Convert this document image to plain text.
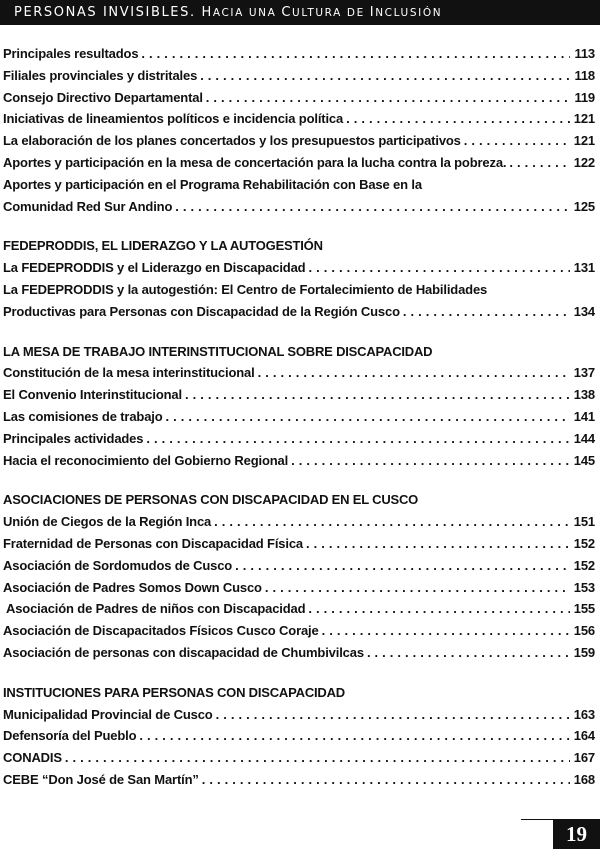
PERSONAS INVISIBLES. HACIA UNA CULTURA DE INCLUSIÓN
Principales resultados . . .	113
Filiales provinciales y distritales . . .	118
Consejo Directivo Departamental . . .	119
Iniciativas de lineamientos políticos e incidencia política . . .	121
La elaboración de los planes concertados y los presupuestos participativos . . .	121
Aportes y participación en la mesa de concertación para la lucha contra la pobreza. . . .	122
Aportes y participación en el Programa Rehabilitación con Base en la
Comunidad Red Sur Andino . . .	125
FEDEPRODDIS, EL LIDERAZGO Y LA AUTOGESTIÓN
La FEDEPRODDIS y el Liderazgo en Discapacidad . . .	131
La FEDEPRODDIS y la autogestión: El Centro de Fortalecimiento de Habilidades
Productivas para Personas con Discapacidad de la Región Cusco . . .	134
LA MESA DE TRABAJO INTERINSTITUCIONAL SOBRE DISCAPACIDAD
Constitución de la mesa interinstitucional . . .	137
El Convenio Interinstitucional . . .	138
Las comisiones de trabajo . . .	141
Principales actividades . . .	144
Hacia el reconocimiento del Gobierno Regional . . .	145
ASOCIACIONES DE PERSONAS CON DISCAPACIDAD EN EL CUSCO
Unión de Ciegos de la Región Inca . . .	151
Fraternidad de Personas con Discapacidad Física . . .	152
Asociación de Sordomudos de Cusco . . .	152
Asociación de Padres Somos Down Cusco . . .	153
Asociación de Padres de niños con Discapacidad . . .	155
Asociación de Discapacitados Físicos Cusco Coraje . . .	156
Asociación de personas con discapacidad de Chumbivilcas . . .	159
INSTITUCIONES PARA PERSONAS CON DISCAPACIDAD
Municipalidad Provincial de Cusco . . .	163
Defensoría del Pueblo . . .	164
CONADIS . . .	167
CEBE “Don José de San Martín” . . .	168
19
